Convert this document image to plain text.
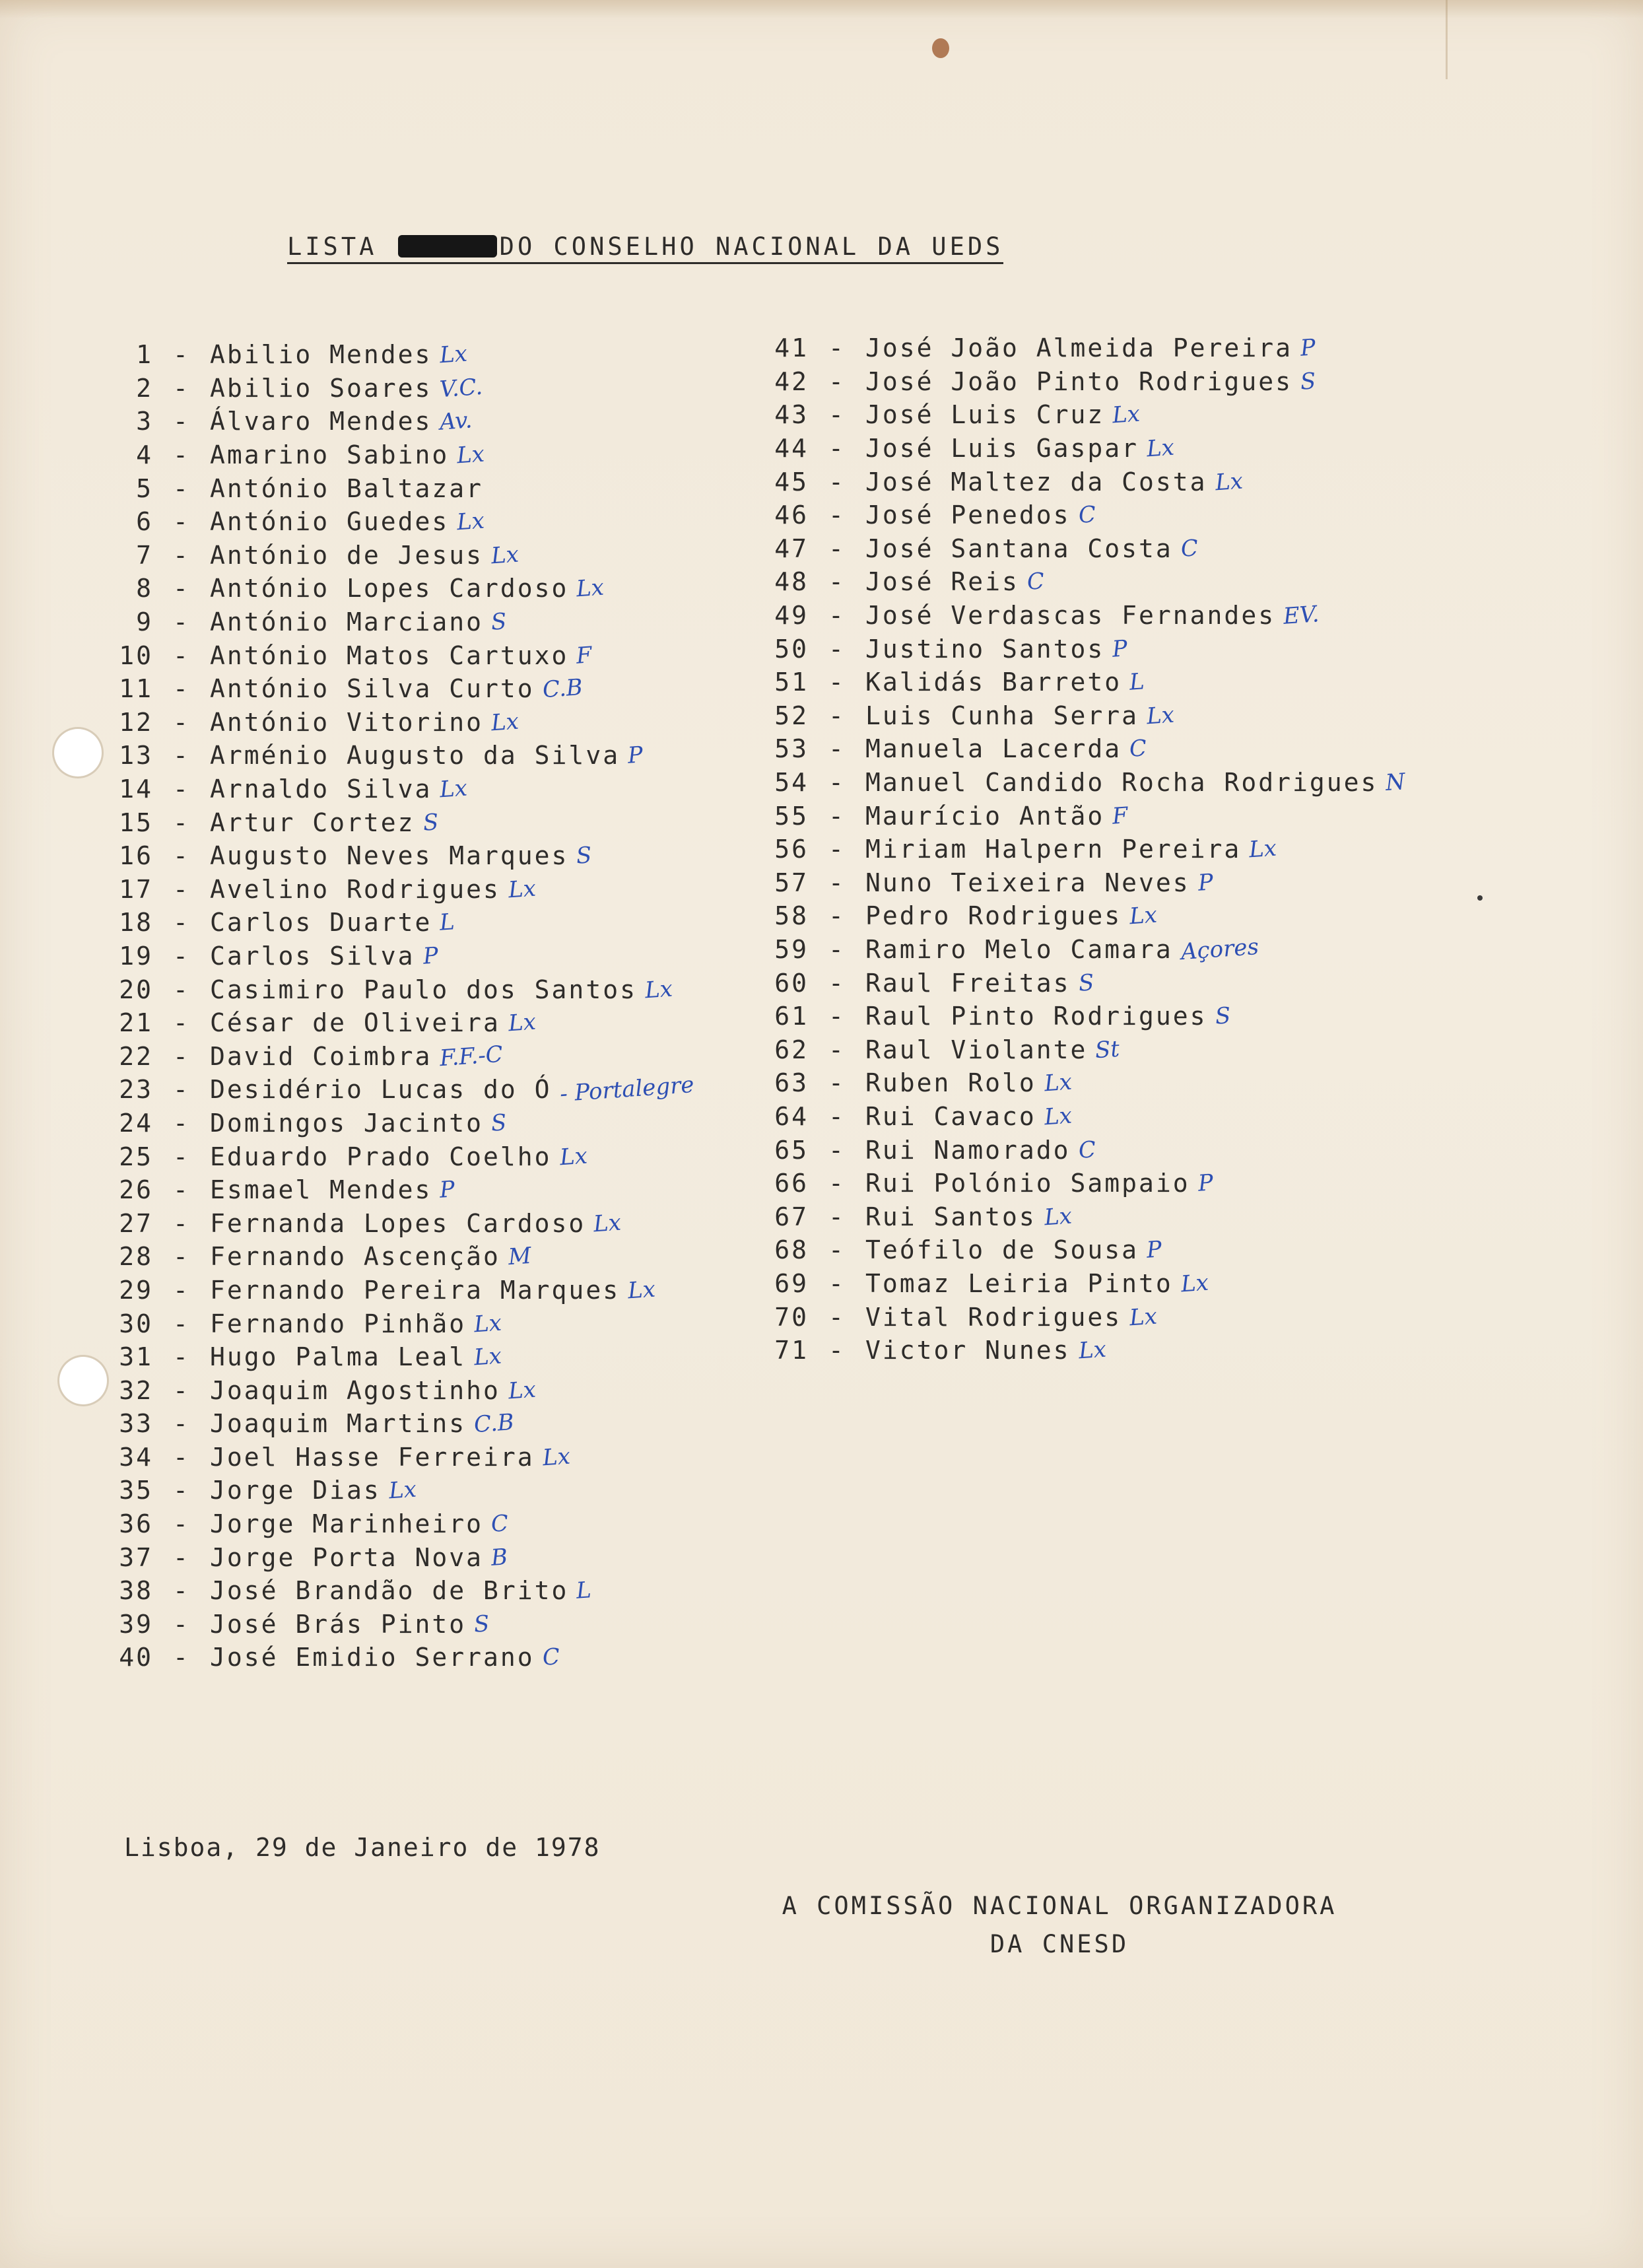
LISTA	DO CONSELHO NACIONAL DA UEDS
1 - Abilio Mendes Lx
2 - Abilio Soares V.C.
3 - Álvaro Mendes Av.
4 - Amarino Sabino Lx
5 - António Baltazar
6 - António Guedes Lx
7 - António de Jesus Lx
8 - António Lopes Cardoso Lx
9 - António Marciano S
10 - António Matos Cartuxo F
11 - António Silva Curto C.B
12 - António Vitorino Lx
13 - Arménio Augusto da Silva P
14 - Arnaldo Silva Lx
15 - Artur Cortez S
16 - Augusto Neves Marques S
17 - Avelino Rodrigues Lx
18 - Carlos Duarte L
19 - Carlos Silva P
20 - Casimiro Paulo dos Santos Lx
21 - César de Oliveira Lx
22 - David Coimbra F.F.-C
23 - Desidério Lucas do Ó - Portalegre
24 - Domingos Jacinto S
25 - Eduardo Prado Coelho Lx
26 - Esmael Mendes P
27 - Fernanda Lopes Cardoso Lx
28 - Fernando Ascenção M
29 - Fernando Pereira Marques Lx
30 - Fernando Pinhão Lx
31 - Hugo Palma Leal Lx
32 - Joaquim Agostinho Lx
33 - Joaquim Martins C.B
34 - Joel Hasse Ferreira Lx
35 - Jorge Dias Lx
36 - Jorge Marinheiro C
37 - Jorge Porta Nova B
38 - José Brandão de Brito L
39 - José Brás Pinto S
40 - José Emidio Serrano C
41 - José João Almeida Pereira P
42 - José João Pinto Rodrigues S
43 - José Luis Cruz Lx
44 - José Luis Gaspar Lx
45 - José Maltez da Costa Lx
46 - José Penedos C
47 - José Santana Costa C
48 - José Reis C
49 - José Verdascas Fernandes EV.
50 - Justino Santos P
51 - Kalidás Barreto L
52 - Luis Cunha Serra Lx
53 - Manuela Lacerda C
54 - Manuel Candido Rocha Rodrigues N
55 - Maurício Antão F
56 - Miriam Halpern Pereira Lx
57 - Nuno Teixeira Neves P
58 - Pedro Rodrigues Lx
59 - Ramiro Melo Camara Açores
60 - Raul Freitas S
61 - Raul Pinto Rodrigues S
62 - Raul Violante St
63 - Ruben Rolo Lx
64 - Rui Cavaco Lx
65 - Rui Namorado C
66 - Rui Polónio Sampaio P
67 - Rui Santos Lx
68 - Teófilo de Sousa P
69 - Tomaz Leiria Pinto Lx
70 - Vital Rodrigues Lx
71 - Victor Nunes Lx
Lisboa, 29 de Janeiro de 1978
A COMISSÃO NACIONAL ORGANIZADORA
DA CNESD
